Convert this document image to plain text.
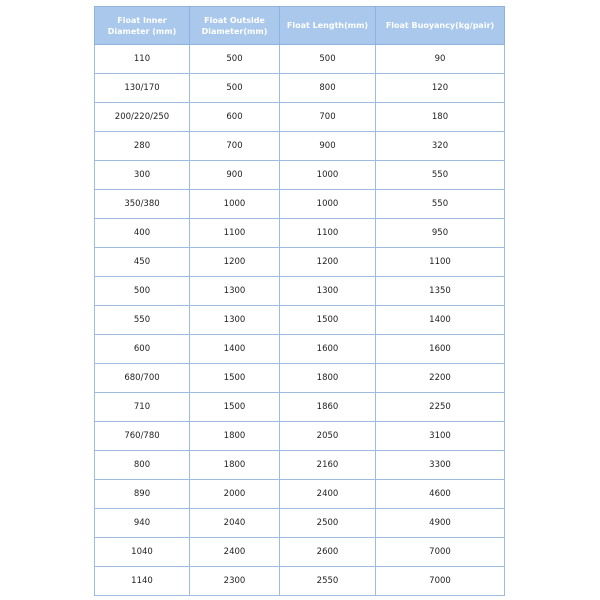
Float Inner Diameter (mm)	Float Outside Diameter(mm)	Float Length(mm)	Float Buoyancy(kg/pair)
110	500	500	90
130/170	500	800	120
200/220/250	600	700	180
280	700	900	320
300	900	1000	550
350/380	1000	1000	550
400	1100	1100	950
450	1200	1200	1100
500	1300	1300	1350
550	1300	1500	1400
600	1400	1600	1600
680/700	1500	1800	2200
710	1500	1860	2250
760/780	1800	2050	3100
800	1800	2160	3300
890	2000	2400	4600
940	2040	2500	4900
1040	2400	2600	7000
1140	2300	2550	7000
